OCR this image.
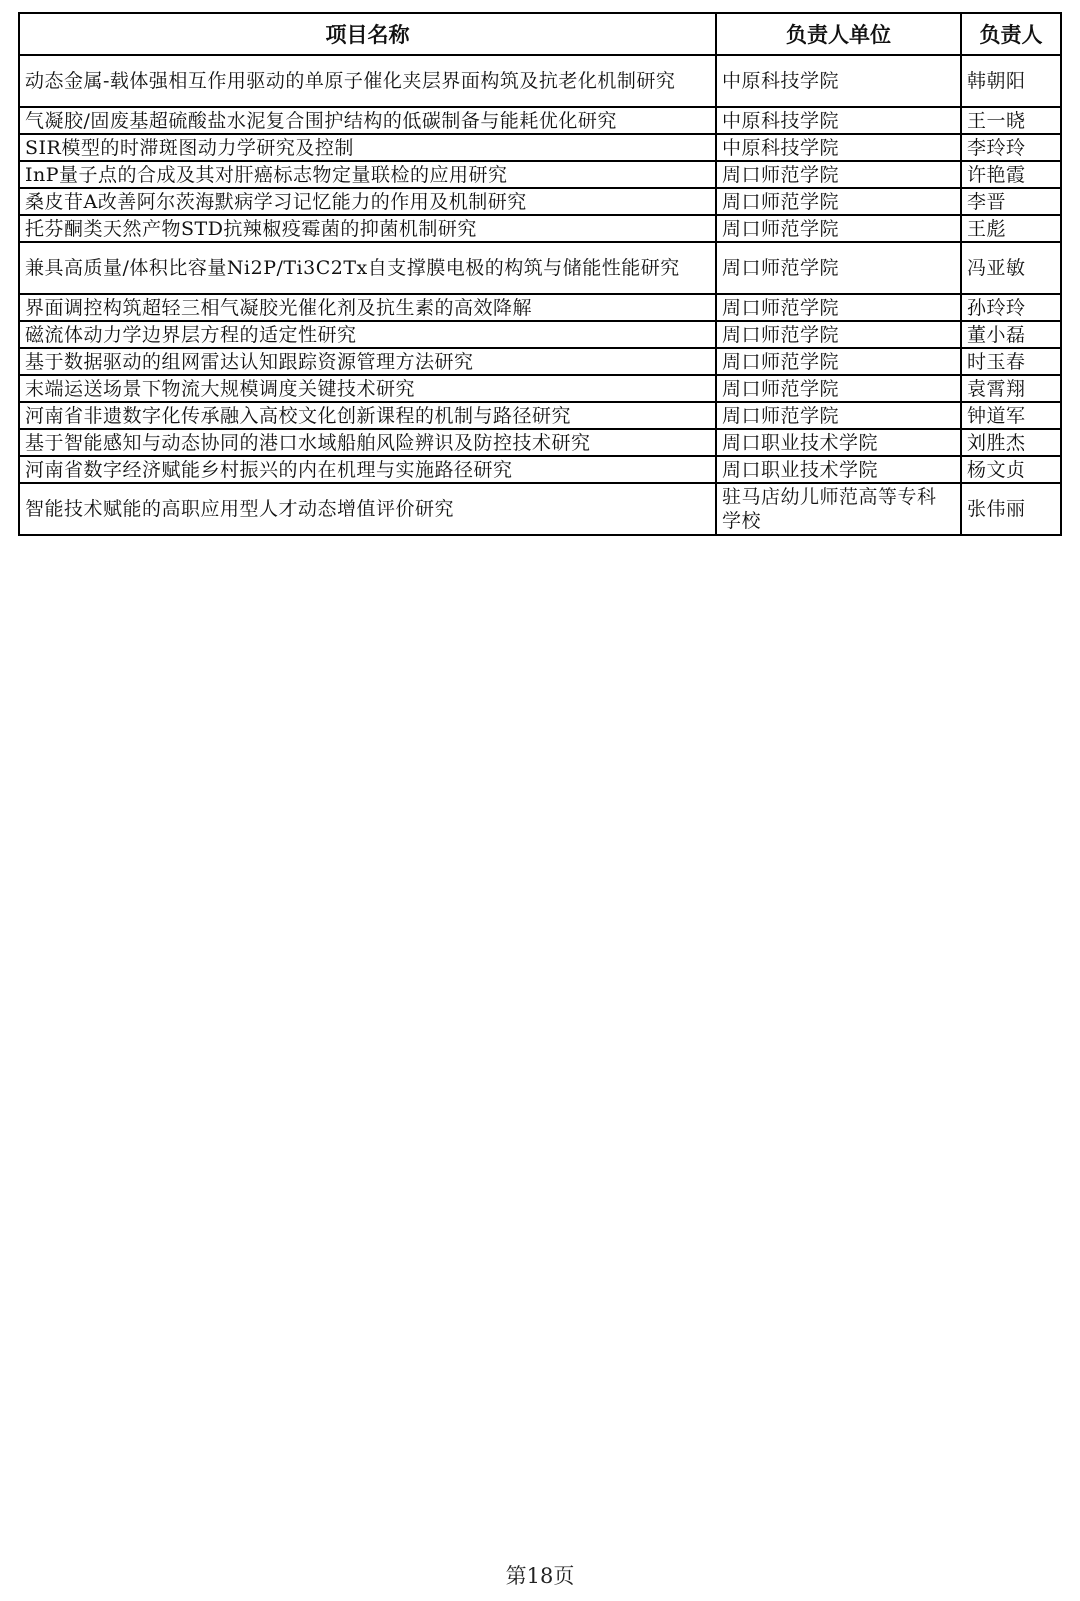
项目名称	负责人单位	负责人
动态金属-载体强相互作用驱动的单原子催化夹层界面构筑及抗老化机制研究	中原科技学院	韩朝阳
气凝胶/固废基超硫酸盐水泥复合围护结构的低碳制备与能耗优化研究	中原科技学院	王一晓
SIR模型的时滞斑图动力学研究及控制	中原科技学院	李玲玲
InP量子点的合成及其对肝癌标志物定量联检的应用研究	周口师范学院	许艳霞
桑皮苷A改善阿尔茨海默病学习记忆能力的作用及机制研究	周口师范学院	李晋
托芬酮类天然产物STD抗辣椒疫霉菌的抑菌机制研究	周口师范学院	王彪
兼具高质量/体积比容量Ni2P/Ti3C2Tx自支撑膜电极的构筑与储能性能研究	周口师范学院	冯亚敏
界面调控构筑超轻三相气凝胶光催化剂及抗生素的高效降解	周口师范学院	孙玲玲
磁流体动力学边界层方程的适定性研究	周口师范学院	董小磊
基于数据驱动的组网雷达认知跟踪资源管理方法研究	周口师范学院	时玉春
末端运送场景下物流大规模调度关键技术研究	周口师范学院	袁霄翔
河南省非遗数字化传承融入高校文化创新课程的机制与路径研究	周口师范学院	钟道军
基于智能感知与动态协同的港口水域船舶风险辨识及防控技术研究	周口职业技术学院	刘胜杰
河南省数字经济赋能乡村振兴的内在机理与实施路径研究	周口职业技术学院	杨文贞
智能技术赋能的高职应用型人才动态增值评价研究	驻马店幼儿师范高等专科学校	张伟丽
第18页
